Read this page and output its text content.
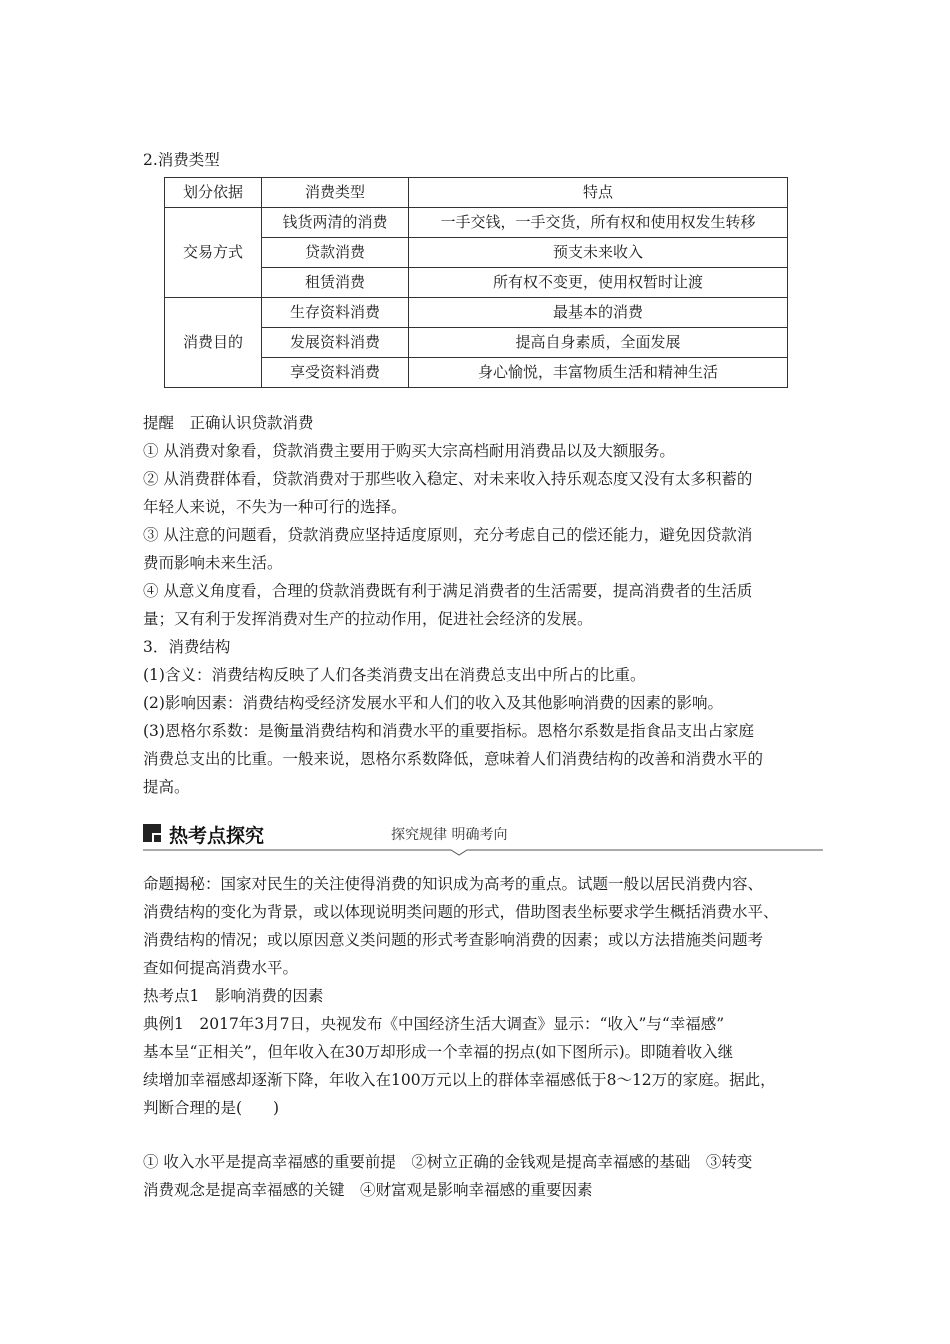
2.消费类型
划分依据	消费类型	特点
交易方式	钱货两清的消费	一手交钱，一手交货，所有权和使用权发生转移
	贷款消费	预支未来收入
	租赁消费	所有权不变更，使用权暂时让渡
消费目的	生存资料消费	最基本的消费
	发展资料消费	提高自身素质，全面发展
	享受资料消费	身心愉悦，丰富物质生活和精神生活
提醒　正确认识贷款消费
① 从消费对象看，贷款消费主要用于购买大宗高档耐用消费品以及大额服务。
② 从消费群体看，贷款消费对于那些收入稳定、对未来收入持乐观态度又没有太多积蓄的
年轻人来说，不失为一种可行的选择。
③ 从注意的问题看，贷款消费应坚持适度原则，充分考虑自己的偿还能力，避免因贷款消
费而影响未来生活。
④ 从意义角度看，合理的贷款消费既有利于满足消费者的生活需要，提高消费者的生活质
量；又有利于发挥消费对生产的拉动作用，促进社会经济的发展。
3．消费结构
(1)含义：消费结构反映了人们各类消费支出在消费总支出中所占的比重。
(2)影响因素：消费结构受经济发展水平和人们的收入及其他影响消费的因素的影响。
(3)恩格尔系数：是衡量消费结构和消费水平的重要指标。恩格尔系数是指食品支出占家庭
消费总支出的比重。一般来说，恩格尔系数降低，意味着人们消费结构的改善和消费水平的
提高。
热考点探究	探究规律 明确考向
命题揭秘：国家对民生的关注使得消费的知识成为高考的重点。试题一般以居民消费内容、
消费结构的变化为背景，或以体现说明类问题的形式，借助图表坐标要求学生概括消费水平、
消费结构的情况；或以原因意义类问题的形式考查影响消费的因素；或以方法措施类问题考
查如何提高消费水平。
热考点1　影响消费的因素
典例1　2017年3月7日，央视发布《中国经济生活大调查》显示：“收入”与“幸福感”
基本呈“正相关”，但年收入在30万却形成一个幸福的拐点(如下图所示)。即随着收入继
续增加幸福感却逐渐下降，年收入在100万元以上的群体幸福感低于8～12万的家庭。据此，
判断合理的是(　　)
① 收入水平是提高幸福感的重要前提　②树立正确的金钱观是提高幸福感的基础　③转变
消费观念是提高幸福感的关键　④财富观是影响幸福感的重要因素
